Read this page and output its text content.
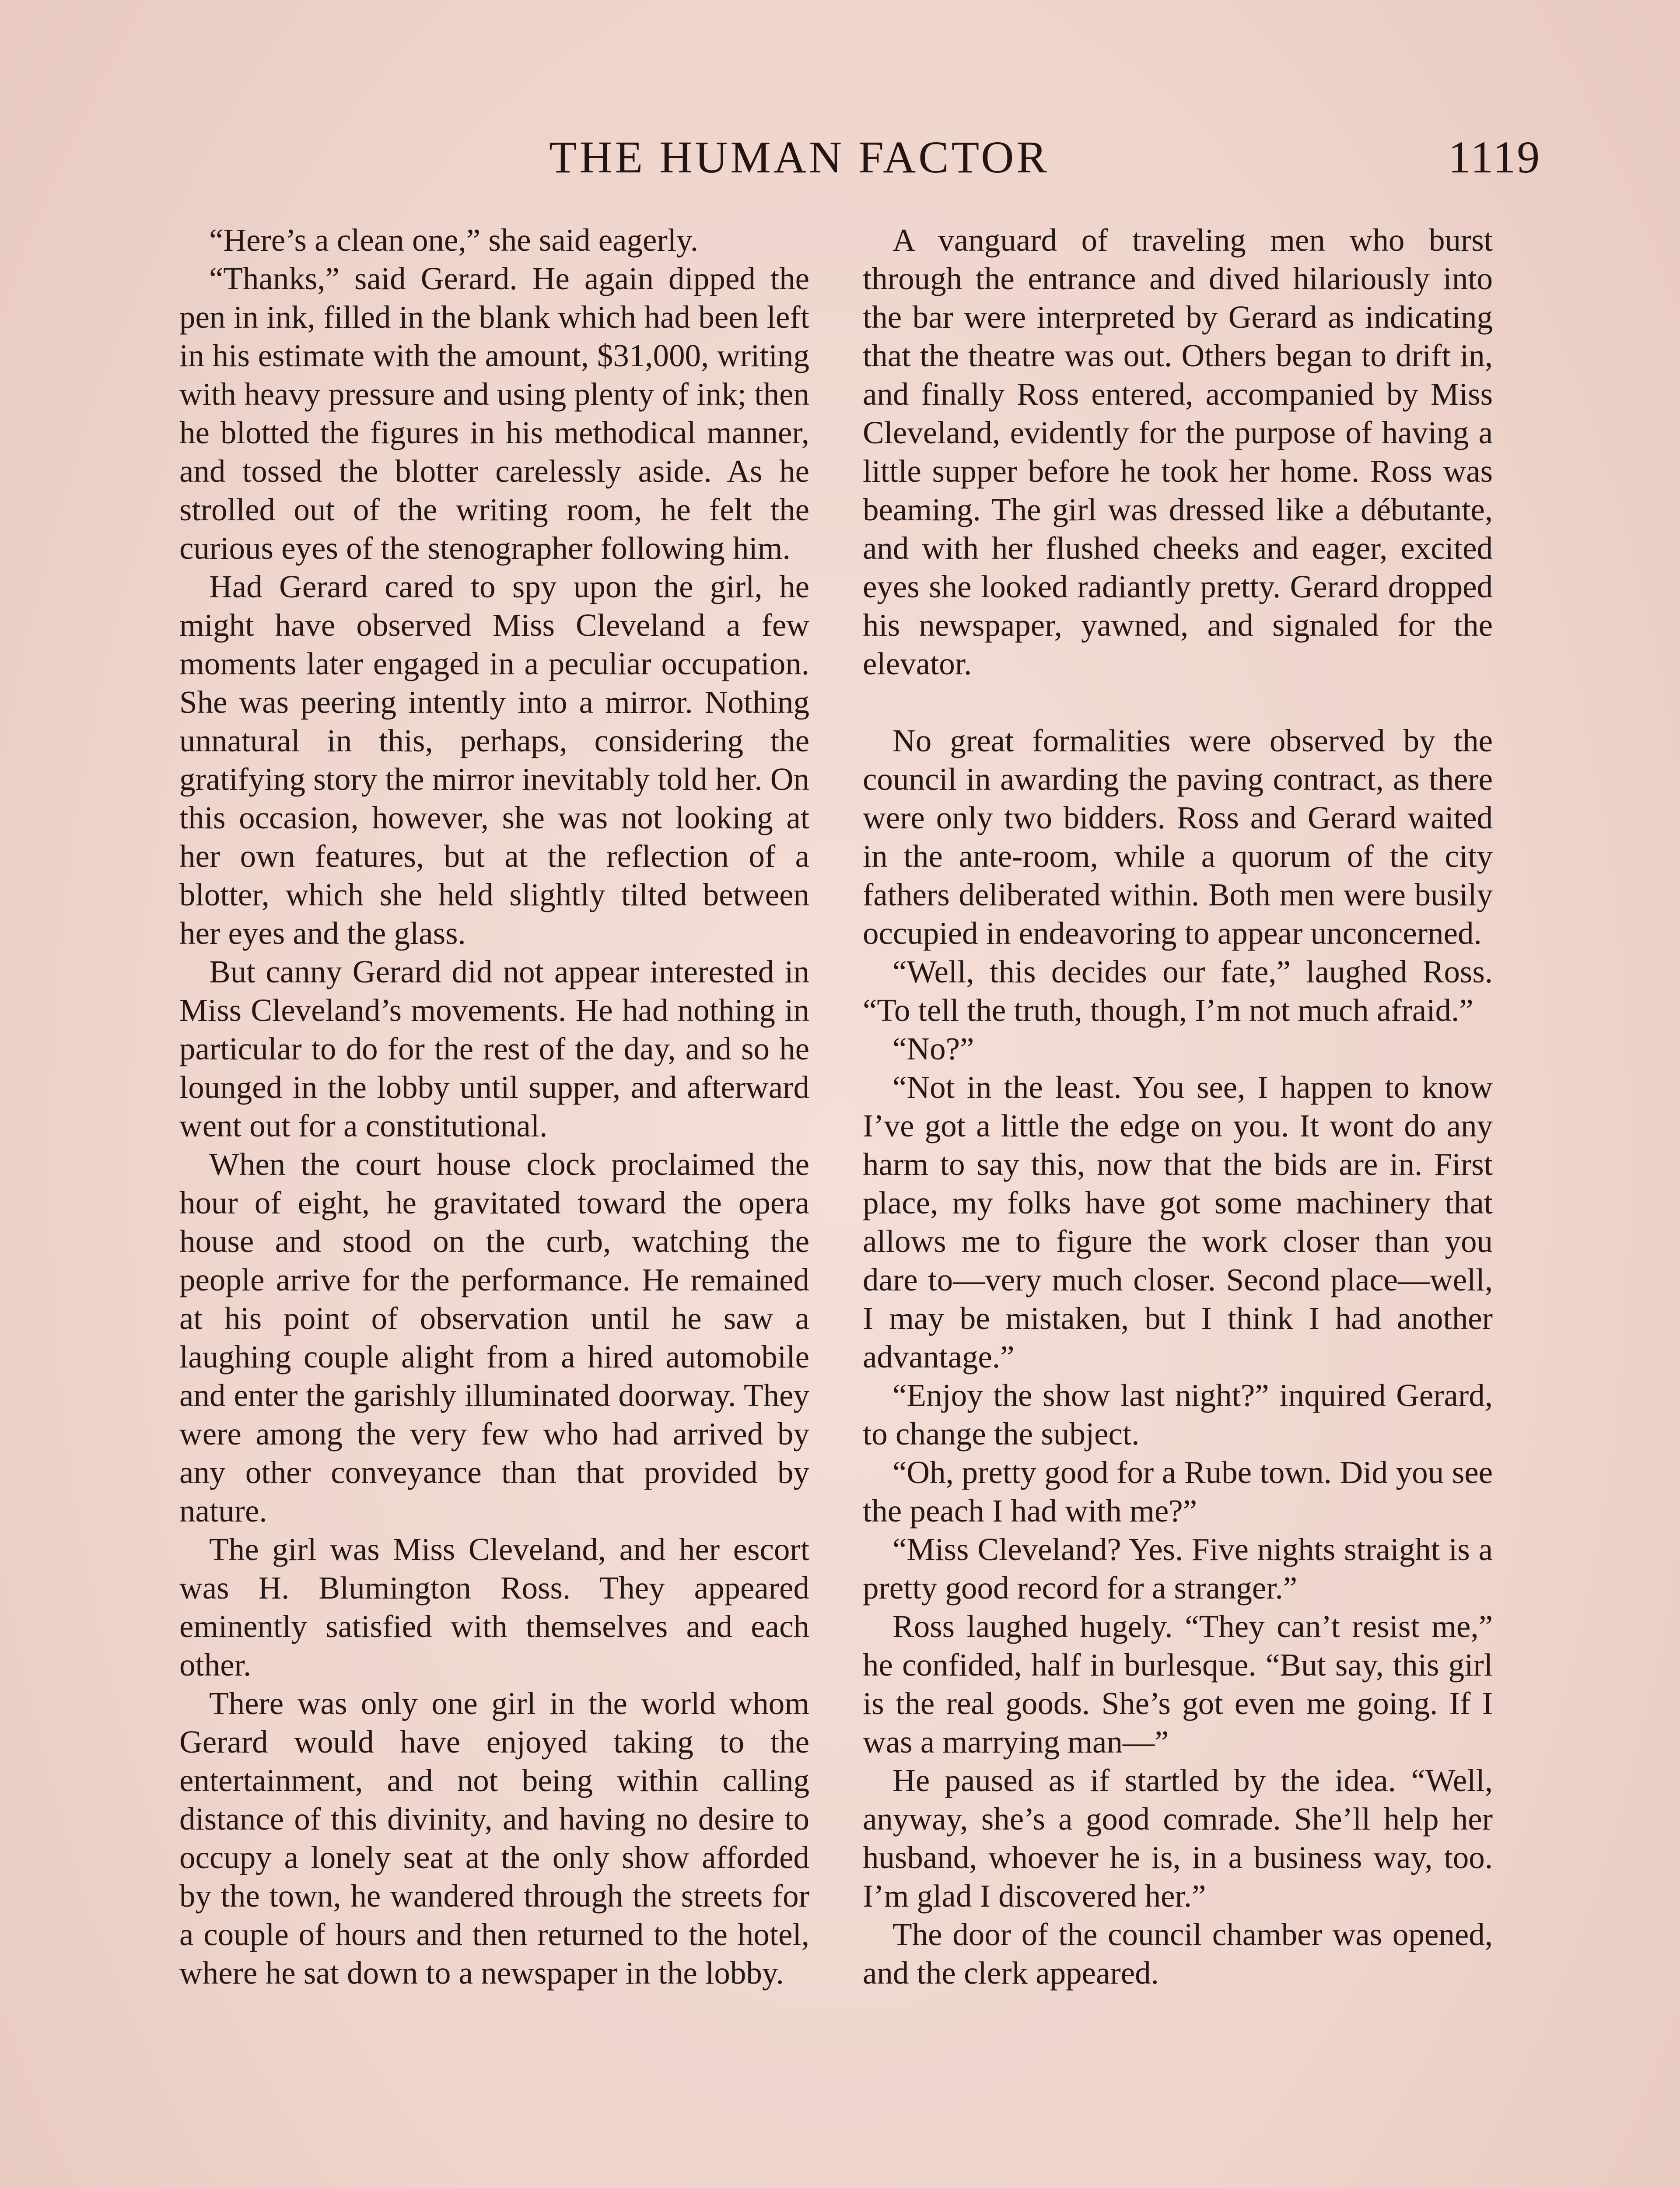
THE HUMAN FACTOR	1119

“Here’s a clean one,” she said eagerly.

“Thanks,” said Gerard. He again dipped the pen in ink, filled in the blank which had been left in his estimate with the amount, $31,000, writing with heavy pressure and using plenty of ink; then he blotted the figures in his methodical manner, and tossed the blotter carelessly aside. As he strolled out of the writing room, he felt the curious eyes of the stenographer following him.

Had Gerard cared to spy upon the girl, he might have observed Miss Cleveland a few moments later engaged in a peculiar occupation. She was peering intently into a mirror. Nothing unnatural in this, perhaps, considering the gratifying story the mirror inevitably told her. On this occasion, however, she was not looking at her own features, but at the reflection of a blotter, which she held slightly tilted between her eyes and the glass.

But canny Gerard did not appear interested in Miss Cleveland’s movements. He had nothing in particular to do for the rest of the day, and so he lounged in the lobby until supper, and afterward went out for a constitutional.

When the court house clock proclaimed the hour of eight, he gravitated toward the opera house and stood on the curb, watching the people arrive for the performance. He remained at his point of observation until he saw a laughing couple alight from a hired automobile and enter the garishly illuminated doorway. They were among the very few who had arrived by any other conveyance than that provided by nature.

The girl was Miss Cleveland, and her escort was H. Blumington Ross. They appeared eminently satisfied with themselves and each other.

There was only one girl in the world whom Gerard would have enjoyed taking to the entertainment, and not being within calling distance of this divinity, and having no desire to occupy a lonely seat at the only show afforded by the town, he wandered through the streets for a couple of hours and then returned to the hotel, where he sat down to a newspaper in the lobby.

A vanguard of traveling men who burst through the entrance and dived hilariously into the bar were interpreted by Gerard as indicating that the theatre was out. Others began to drift in, and finally Ross entered, accompanied by Miss Cleveland, evidently for the purpose of having a little supper before he took her home. Ross was beaming. The girl was dressed like a débutante, and with her flushed cheeks and eager, excited eyes she looked radiantly pretty. Gerard dropped his newspaper, yawned, and signaled for the elevator.

No great formalities were observed by the council in awarding the paving contract, as there were only two bidders. Ross and Gerard waited in the ante-room, while a quorum of the city fathers deliberated within. Both men were busily occupied in endeavoring to appear unconcerned.

“Well, this decides our fate,” laughed Ross. “To tell the truth, though, I’m not much afraid.”

“No?”

“Not in the least. You see, I happen to know I’ve got a little the edge on you. It wont do any harm to say this, now that the bids are in. First place, my folks have got some machinery that allows me to figure the work closer than you dare to—very much closer. Second place—well, I may be mistaken, but I think I had another advantage.”

“Enjoy the show last night?” inquired Gerard, to change the subject.

“Oh, pretty good for a Rube town. Did you see the peach I had with me?”

“Miss Cleveland? Yes. Five nights straight is a pretty good record for a stranger.”

Ross laughed hugely. “They can’t resist me,” he confided, half in burlesque. “But say, this girl is the real goods. She’s got even me going. If I was a marrying man—”

He paused as if startled by the idea. “Well, anyway, she’s a good comrade. She’ll help her husband, whoever he is, in a business way, too. I’m glad I discovered her.”

The door of the council chamber was opened, and the clerk appeared.
